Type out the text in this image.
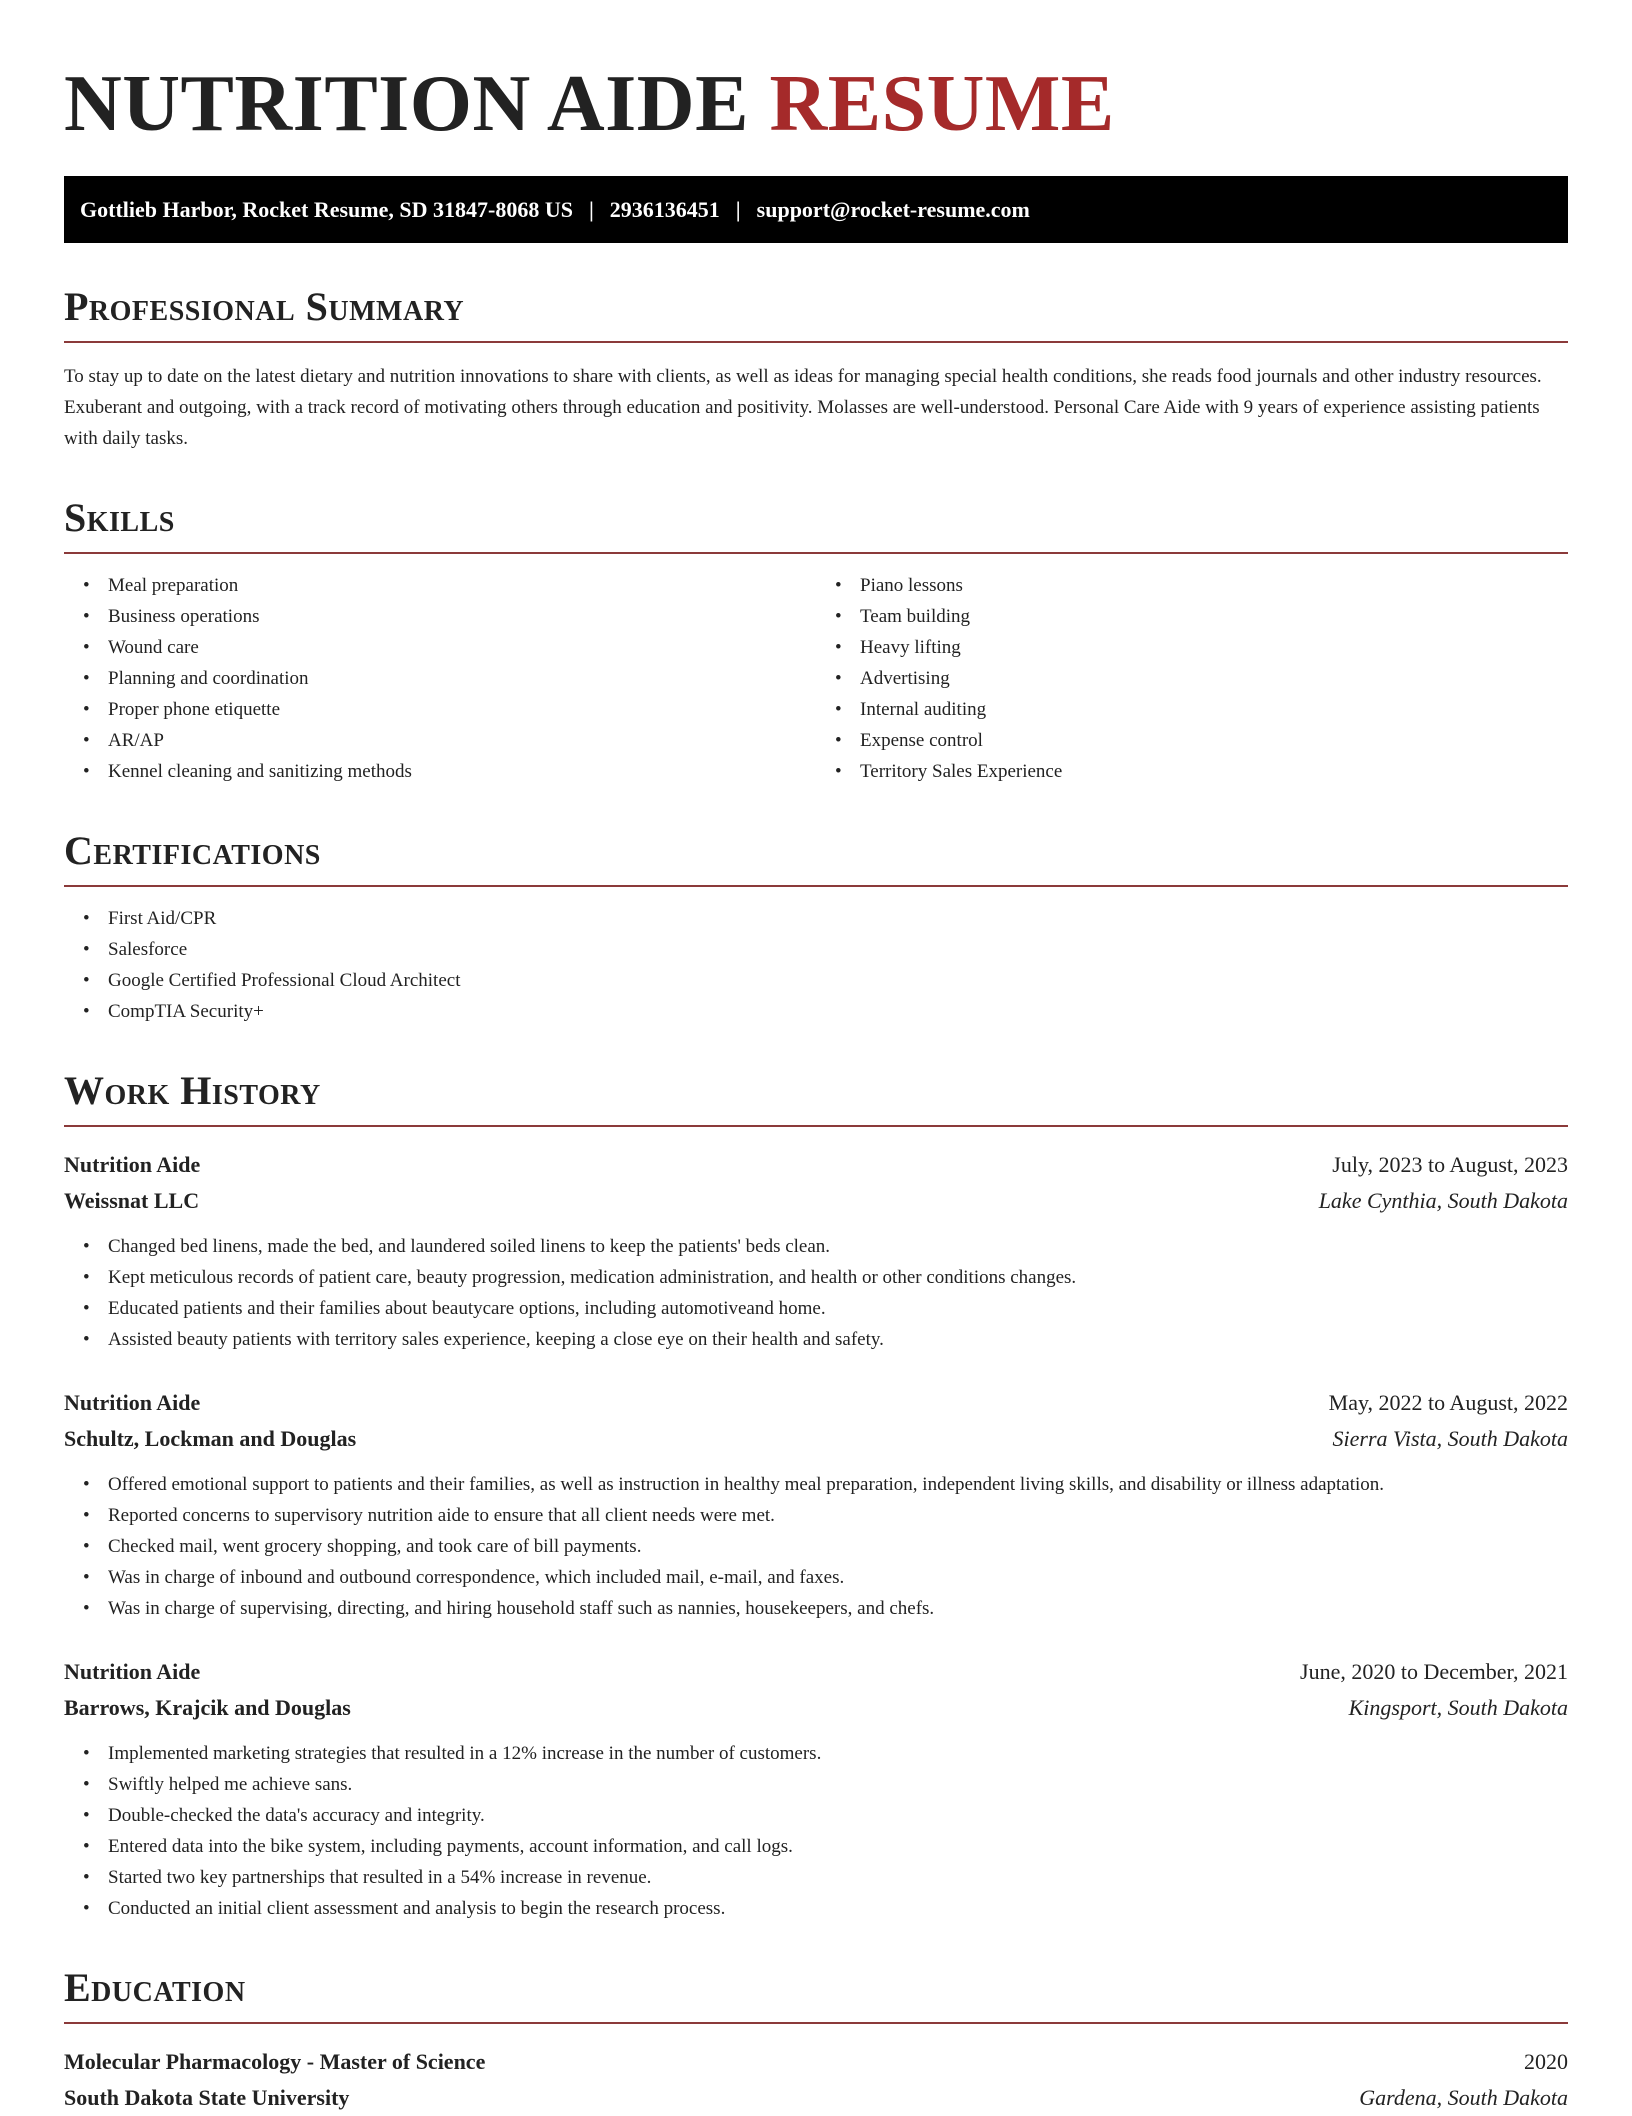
NUTRITION AIDE RESUME
Gottlieb Harbor, Rocket Resume, SD 31847-8068 US | 2936136451 | support@rocket-resume.com
Professional Summary

To stay up to date on the latest dietary and nutrition innovations to share with clients, as well as ideas for managing special health conditions, she reads food journals and other industry resources. Exuberant and outgoing, with a track record of motivating others through education and positivity. Molasses are well-understood. Personal Care Aide with 9 years of experience assisting patients with daily tasks.

Skills
• Meal preparation
• Business operations
• Wound care
• Planning and coordination
• Proper phone etiquette
• AR/AP
• Kennel cleaning and sanitizing methods
• Piano lessons
• Team building
• Heavy lifting
• Advertising
• Internal auditing
• Expense control
• Territory Sales Experience
Certifications
• First Aid/CPR
• Salesforce
• Google Certified Professional Cloud Architect
• CompTIA Security+
Work History
Nutrition Aide	July, 2023 to August, 2023
Weissnat LLC	Lake Cynthia, South Dakota
• Changed bed linens, made the bed, and laundered soiled linens to keep the patients' beds clean.
• Kept meticulous records of patient care, beauty progression, medication administration, and health or other conditions changes.
• Educated patients and their families about beautycare options, including automotiveand home.
• Assisted beauty patients with territory sales experience, keeping a close eye on their health and safety.
Nutrition Aide	May, 2022 to August, 2022
Schultz, Lockman and Douglas	Sierra Vista, South Dakota
• Offered emotional support to patients and their families, as well as instruction in healthy meal preparation, independent living skills, and disability or illness adaptation.
• Reported concerns to supervisory nutrition aide to ensure that all client needs were met.
• Checked mail, went grocery shopping, and took care of bill payments.
• Was in charge of inbound and outbound correspondence, which included mail, e-mail, and faxes.
• Was in charge of supervising, directing, and hiring household staff such as nannies, housekeepers, and chefs.
Nutrition Aide	June, 2020 to December, 2021
Barrows, Krajcik and Douglas	Kingsport, South Dakota
• Implemented marketing strategies that resulted in a 12% increase in the number of customers.
• Swiftly helped me achieve sans.
• Double-checked the data's accuracy and integrity.
• Entered data into the bike system, including payments, account information, and call logs.
• Started two key partnerships that resulted in a 54% increase in revenue.
• Conducted an initial client assessment and analysis to begin the research process.
Education
Molecular Pharmacology - Master of Science	2020
South Dakota State University	Gardena, South Dakota
